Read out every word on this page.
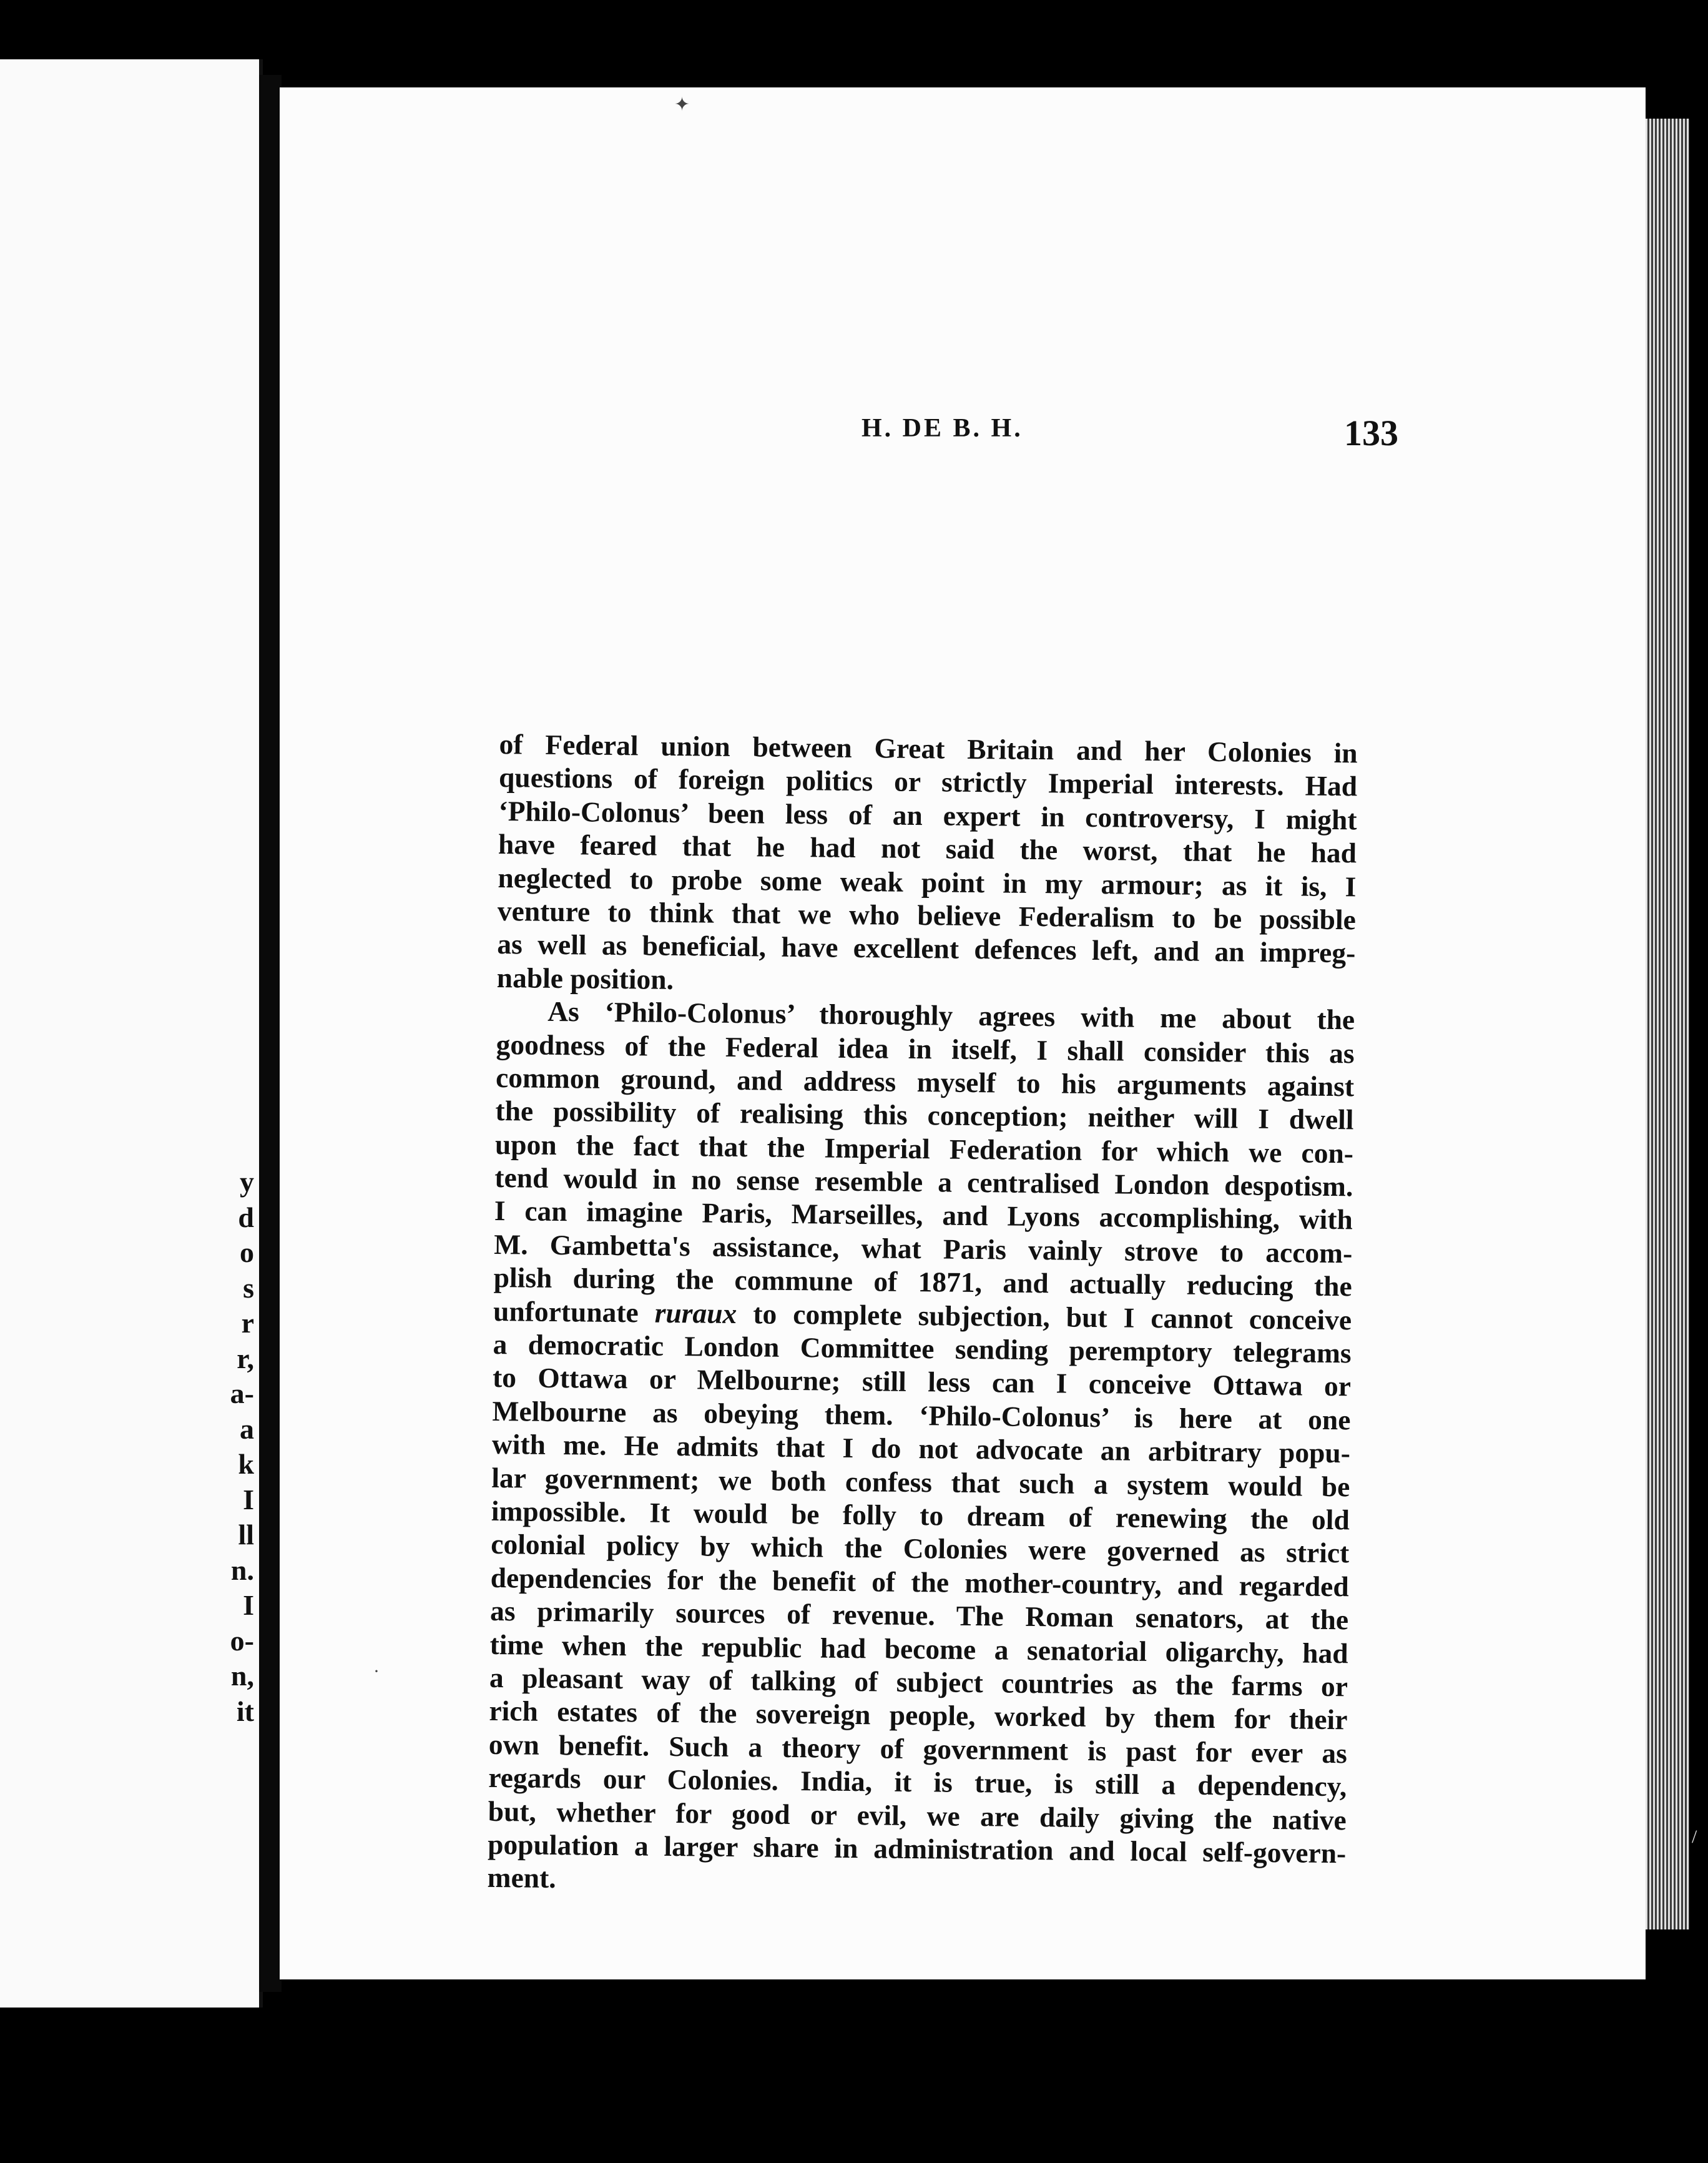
y
d
o
s
r
r,
a-
a
k
I
ll
n.
I
o-
n,
it
H. DE B. H.	133
of Federal union between Great Britain and her Colonies in
questions of foreign politics or strictly Imperial interests. Had
‘Philo-Colonus’ been less of an expert in controversy, I might
have feared that he had not said the worst, that he had
neglected to probe some weak point in my armour; as it is, I
venture to think that we who believe Federalism to be possible
as well as beneficial, have excellent defences left, and an impreg-
nable position.
As ‘Philo-Colonus’ thoroughly agrees with me about the
goodness of the Federal idea in itself, I shall consider this as
common ground, and address myself to his arguments against
the possibility of realising this conception; neither will I dwell
upon the fact that the Imperial Federation for which we con-
tend would in no sense resemble a centralised London despotism.
I can imagine Paris, Marseilles, and Lyons accomplishing, with
M. Gambetta's assistance, what Paris vainly strove to accom-
plish during the commune of 1871, and actually reducing the
unfortunate ruraux to complete subjection, but I cannot conceive
a democratic London Committee sending peremptory telegrams
to Ottawa or Melbourne; still less can I conceive Ottawa or
Melbourne as obeying them. ‘Philo-Colonus’ is here at one
with me. He admits that I do not advocate an arbitrary popu-
lar government; we both confess that such a system would be
impossible. It would be folly to dream of renewing the old
colonial policy by which the Colonies were governed as strict
dependencies for the benefit of the mother-country, and regarded
as primarily sources of revenue. The Roman senators, at the
time when the republic had become a senatorial oligarchy, had
a pleasant way of talking of subject countries as the farms or
rich estates of the sovereign people, worked by them for their
own benefit. Such a theory of government is past for ever as
regards our Colonies. India, it is true, is still a dependency,
but, whether for good or evil, we are daily giving the native
population a larger share in administration and local self-govern-
ment.
✦
·
/
